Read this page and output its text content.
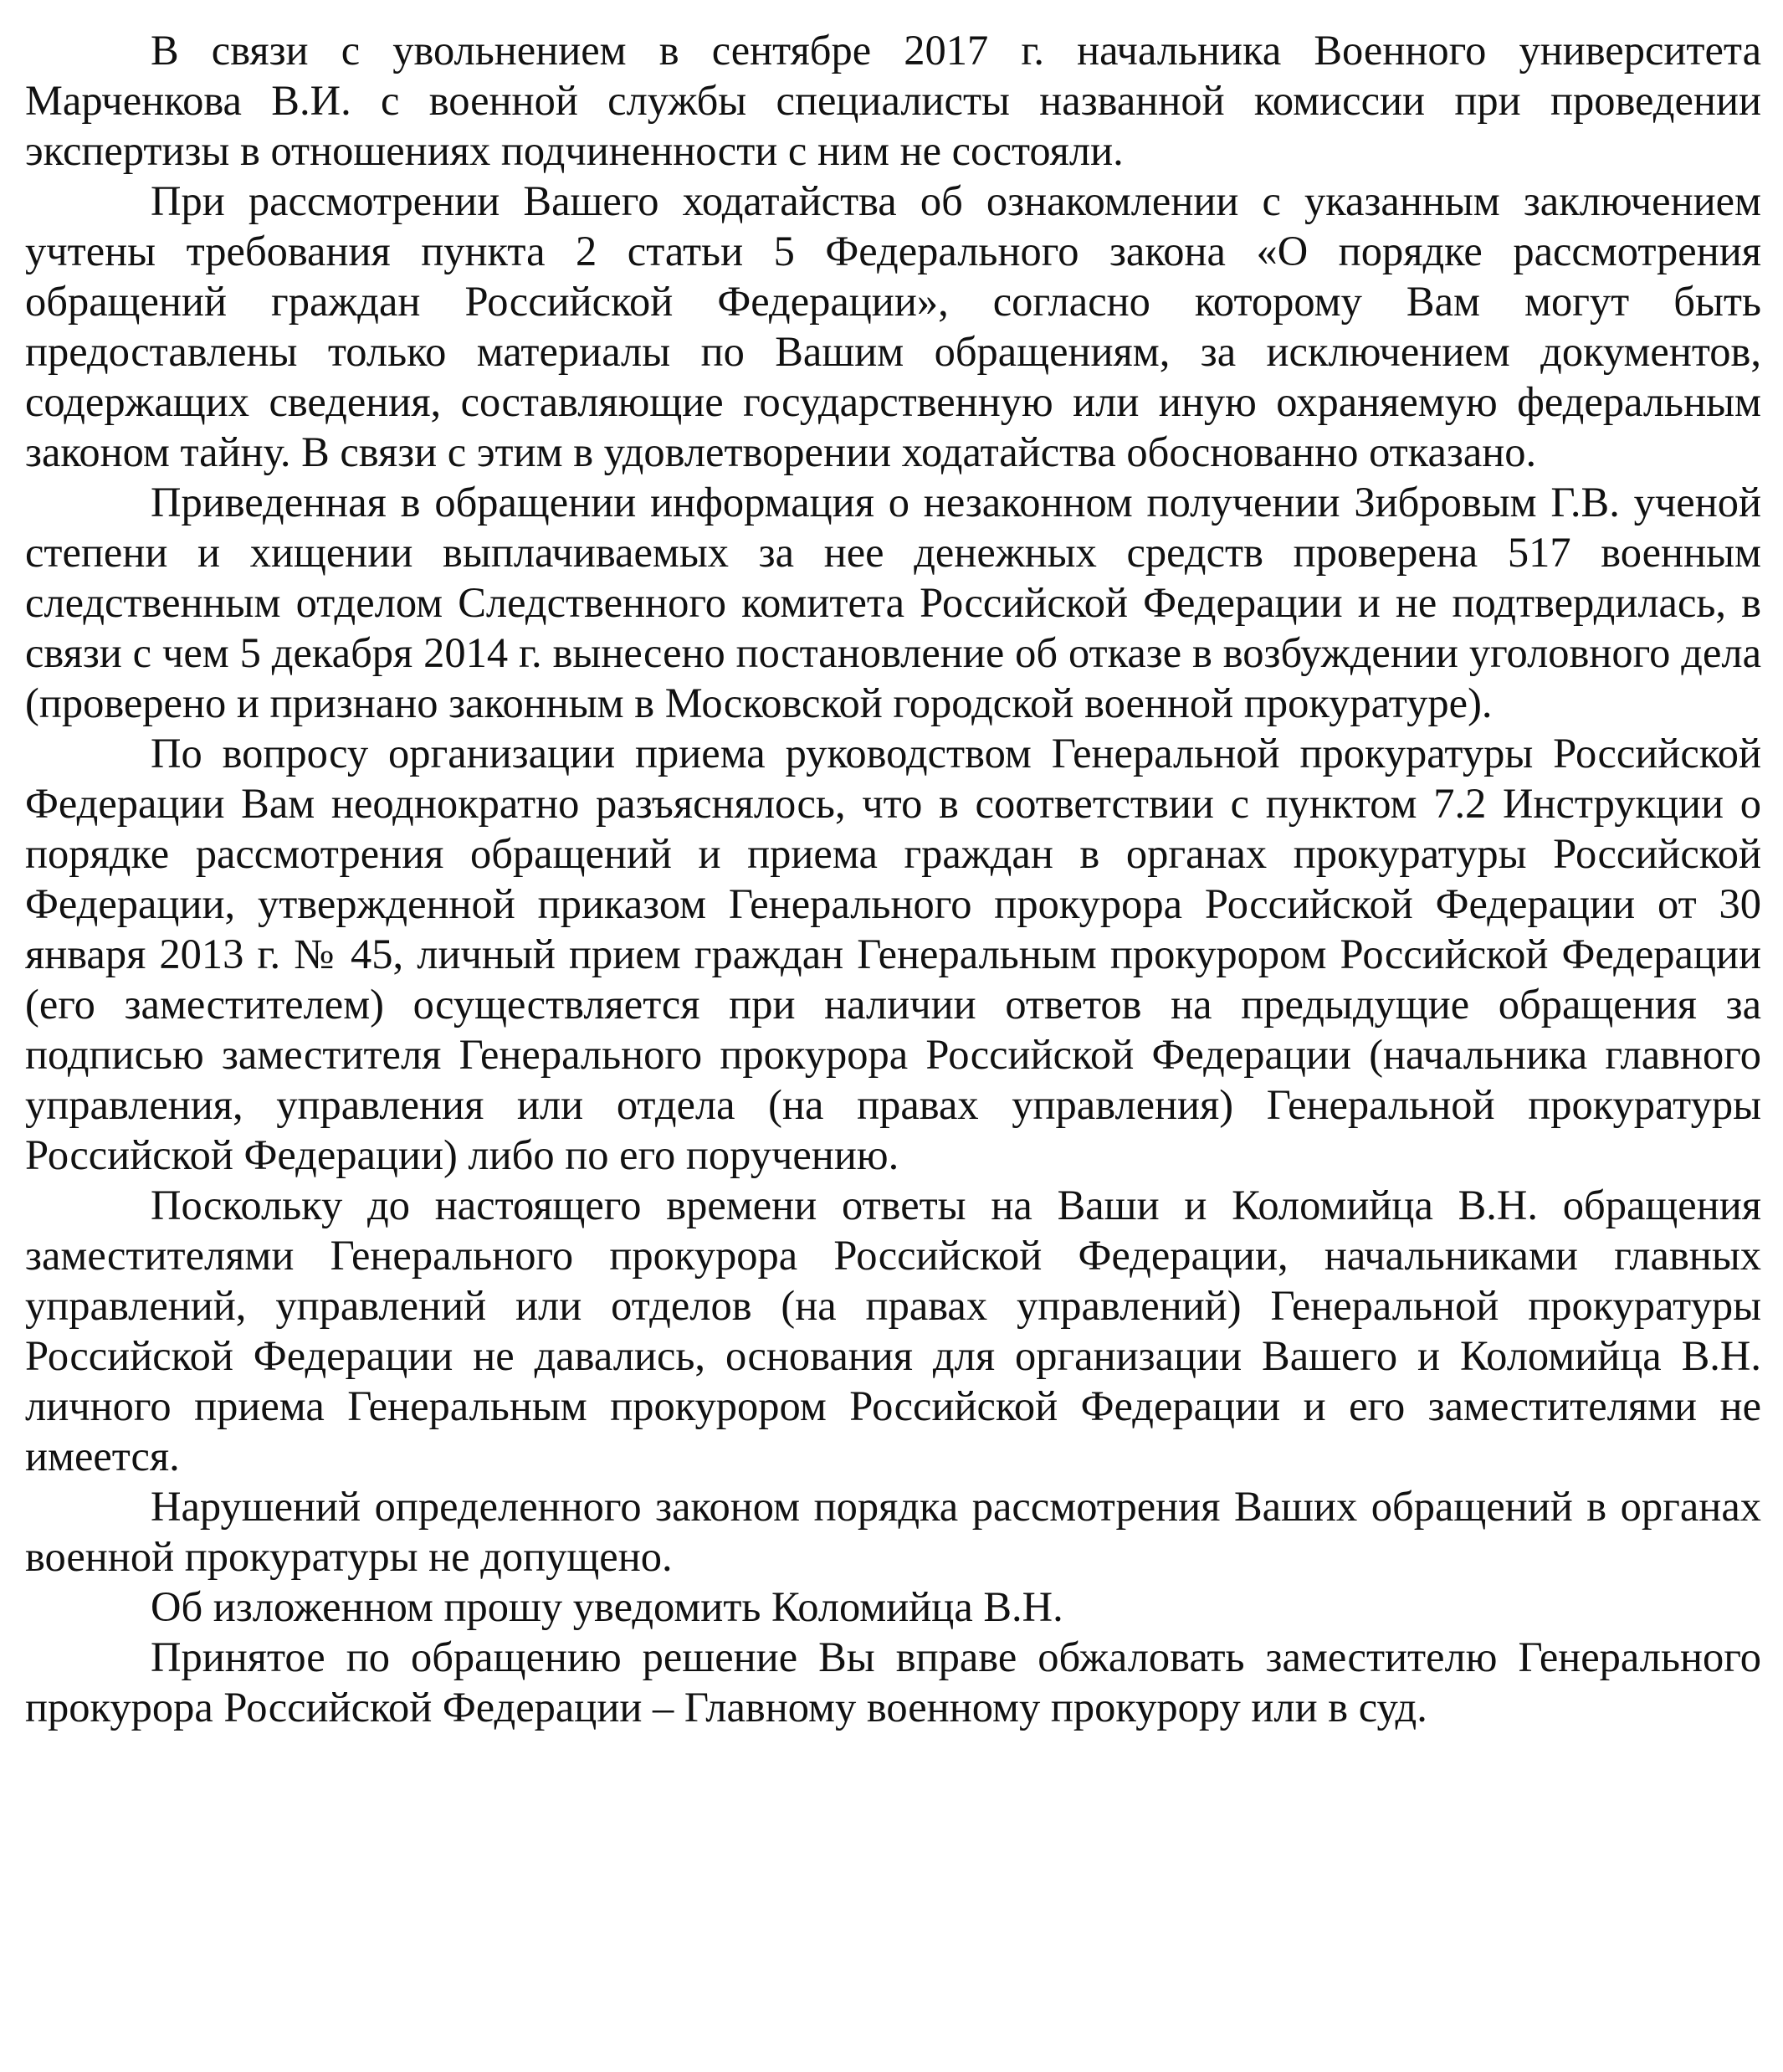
В связи с увольнением в сентябре 2017 г. начальника Военного университета Марченкова В.И. с военной службы специалисты названной комиссии при проведении экспертизы в отношениях подчиненности с ним не состояли.

При рассмотрении Вашего ходатайства об ознакомлении с указанным заключением учтены требования пункта 2 статьи 5 Федерального закона «О порядке рассмотрения обращений граждан Российской Федерации», согласно которому Вам могут быть предоставлены только материалы по Вашим обращениям, за исключением документов, содержащих сведения, составляющие государственную или иную охраняемую федеральным законом тайну. В связи с этим в удовлетворении ходатайства обоснованно отказано.

Приведенная в обращении информация о незаконном получении Зибровым Г.В. ученой степени и хищении выплачиваемых за нее денежных средств проверена 517 военным следственным отделом Следственного комитета Российской Федерации и не подтвердилась, в связи с чем 5 декабря 2014 г. вынесено постановление об отказе в возбуждении уголовного дела (проверено и признано законным в Московской городской военной прокуратуре).

По вопросу организации приема руководством Генеральной прокуратуры Российской Федерации Вам неоднократно разъяснялось, что в соответствии с пунктом 7.2 Инструкции о порядке рассмотрения обращений и приема граждан в органах прокуратуры Российской Федерации, утвержденной приказом Генерального прокурора Российской Федерации от 30 января 2013 г. № 45, личный прием граждан Генеральным прокурором Российской Федерации (его заместителем) осуществляется при наличии ответов на предыдущие обращения за подписью заместителя Генерального прокурора Российской Федерации (начальника главного управления, управления или отдела (на правах управления) Генеральной прокуратуры Российской Федерации) либо по его поручению.

Поскольку до настоящего времени ответы на Ваши и Коломийца В.Н. обращения заместителями Генерального прокурора Российской Федерации, начальниками главных управлений, управлений или отделов (на правах управлений) Генеральной прокуратуры Российской Федерации не давались, основания для организации Вашего и Коломийца В.Н. личного приема Генеральным прокурором Российской Федерации и его заместителями не имеется.

Нарушений определенного законом порядка рассмотрения Ваших обращений в органах военной прокуратуры не допущено.

Об изложенном прошу уведомить Коломийца В.Н.

Принятое по обращению решение Вы вправе обжаловать заместителю Генерального прокурора Российской Федерации – Главному военному прокурору или в суд.
